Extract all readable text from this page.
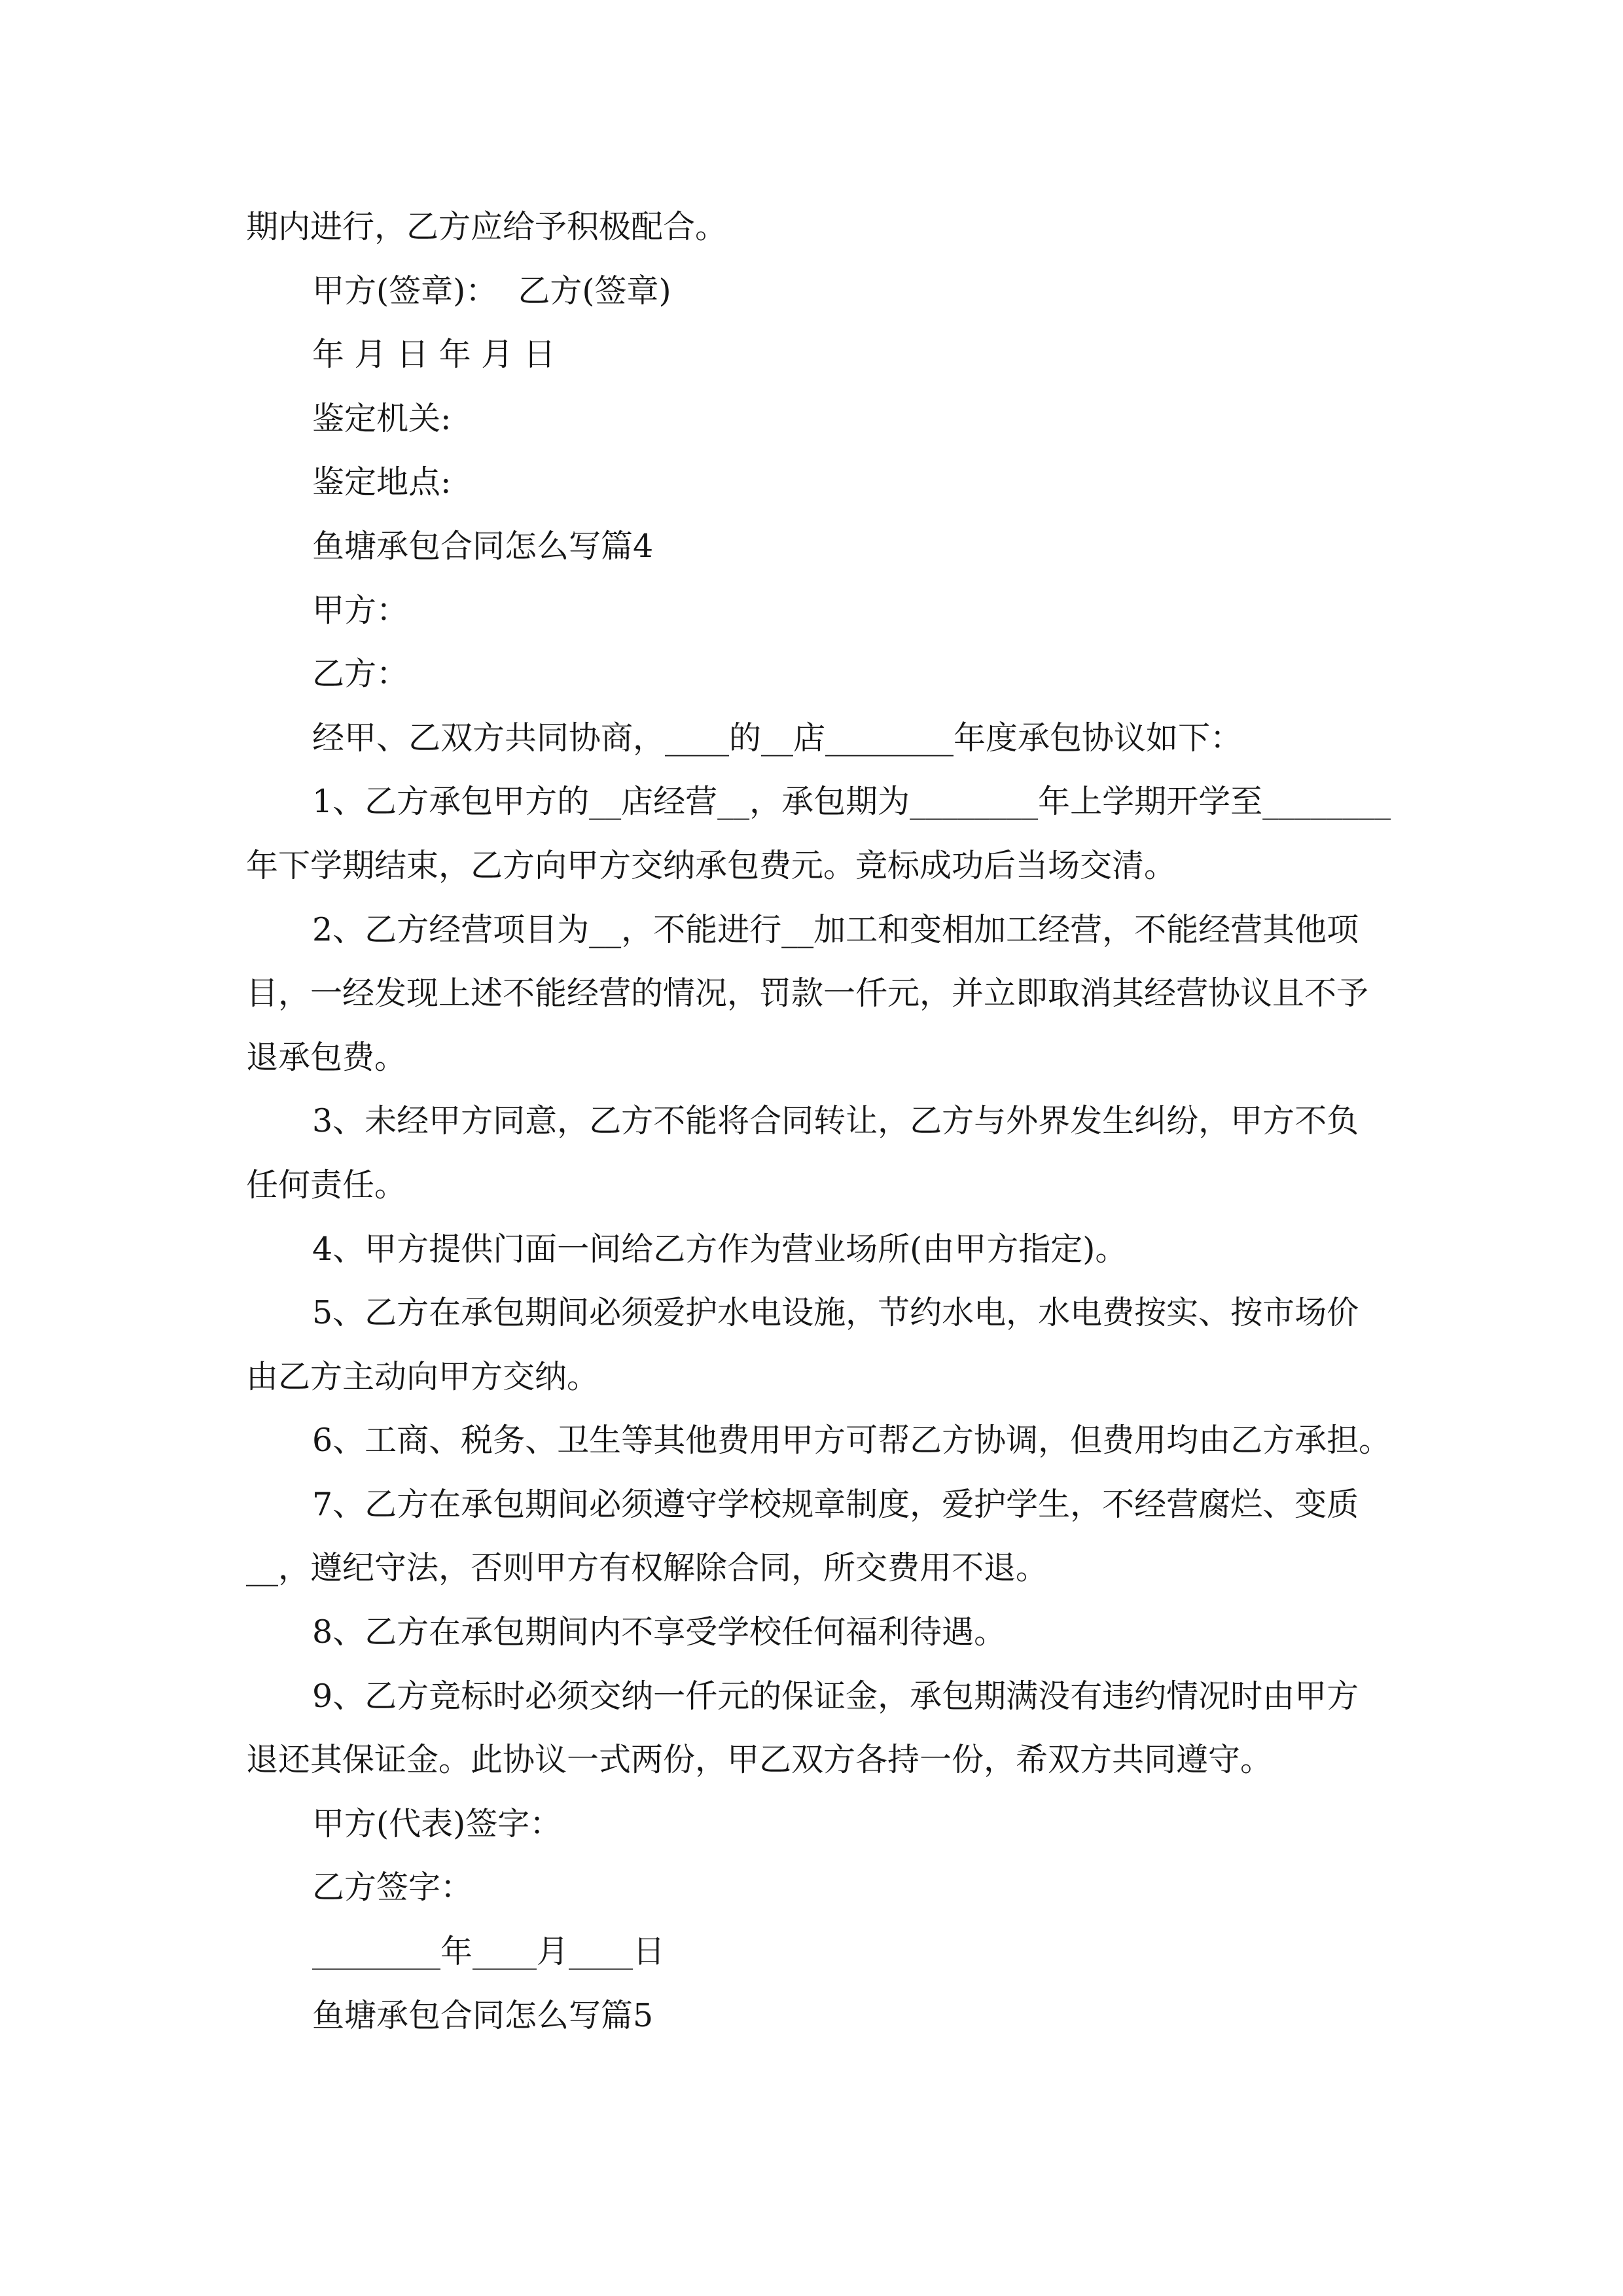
期内进行，乙方应给予积极配合。
甲方(签章)：  乙方(签章)
年 月 日 年 月 日
鉴定机关:
鉴定地点:
鱼塘承包合同怎么写篇4
甲方：
乙方：
经甲、乙双方共同协商，____的__店________年度承包协议如下：
1、乙方承包甲方的__店经营__，承包期为________年上学期开学至________
年下学期结束，乙方向甲方交纳承包费元。竞标成功后当场交清。
2、乙方经营项目为__，不能进行__加工和变相加工经营，不能经营其他项
目，一经发现上述不能经营的情况，罚款一仟元，并立即取消其经营协议且不予
退承包费。
3、未经甲方同意，乙方不能将合同转让，乙方与外界发生纠纷，甲方不负
任何责任。
4、甲方提供门面一间给乙方作为营业场所(由甲方指定)。
5、乙方在承包期间必须爱护水电设施，节约水电，水电费按实、按市场价
由乙方主动向甲方交纳。
6、工商、税务、卫生等其他费用甲方可帮乙方协调，但费用均由乙方承担。
7、乙方在承包期间必须遵守学校规章制度，爱护学生，不经营腐烂、变质
__，遵纪守法，否则甲方有权解除合同，所交费用不退。
8、乙方在承包期间内不享受学校任何福利待遇。
9、乙方竞标时必须交纳一仟元的保证金，承包期满没有违约情况时由甲方
退还其保证金。此协议一式两份，甲乙双方各持一份，希双方共同遵守。
甲方(代表)签字：
乙方签字：
________年____月____日
鱼塘承包合同怎么写篇5
